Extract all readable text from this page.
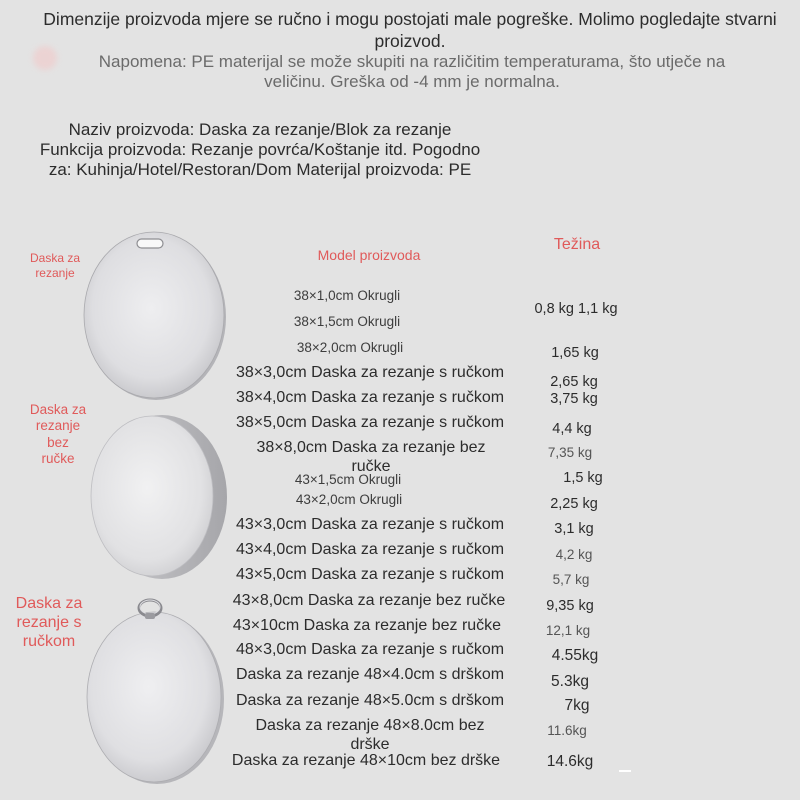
Dimenzije proizvoda mjere se ručno i mogu postojati male pogreške. Molimo pogledajte stvarni
proizvod.
Napomena: PE materijal se može skupiti na različitim temperaturama, što utječe na
veličinu. Greška od -4 mm je normalna.
Naziv proizvoda: Daska za rezanje/Blok za rezanje
Funkcija proizvoda: Rezanje povrća/Koštanje itd. Pogodno
za: Kuhinja/Hotel/Restoran/Dom Materijal proizvoda: PE
Daska za
rezanje
Daska za
rezanje
bez
ručke
Daska za
rezanje s
ručkom
Model proizvoda
Težina
38×1,0cm Okrugli
38×1,5cm Okrugli
38×2,0cm Okrugli
38×3,0cm Daska za rezanje s ručkom
38×4,0cm Daska za rezanje s ručkom
38×5,0cm Daska za rezanje s ručkom
38×8,0cm Daska za rezanje bez ručke
43×1,5cm Okrugli
43×2,0cm Okrugli
43×3,0cm Daska za rezanje s ručkom
43×4,0cm Daska za rezanje s ručkom
43×5,0cm Daska za rezanje s ručkom
43×8,0cm Daska za rezanje bez ručke
43×10cm Daska za rezanje bez ručke
48×3,0cm Daska za rezanje s ručkom
Daska za rezanje 48×4.0cm s drškom
Daska za rezanje 48×5.0cm s drškom
Daska za rezanje 48×8.0cm bez drške
Daska za rezanje 48×10cm bez drške
0,8 kg 1,1 kg
1,65 kg
2,65 kg
3,75 kg
4,4 kg
7,35 kg
1,5 kg
2,25 kg
3,1 kg
4,2 kg
5,7 kg
9,35 kg
12,1 kg
4.55kg
5.3kg
7kg
11.6kg
14.6kg
